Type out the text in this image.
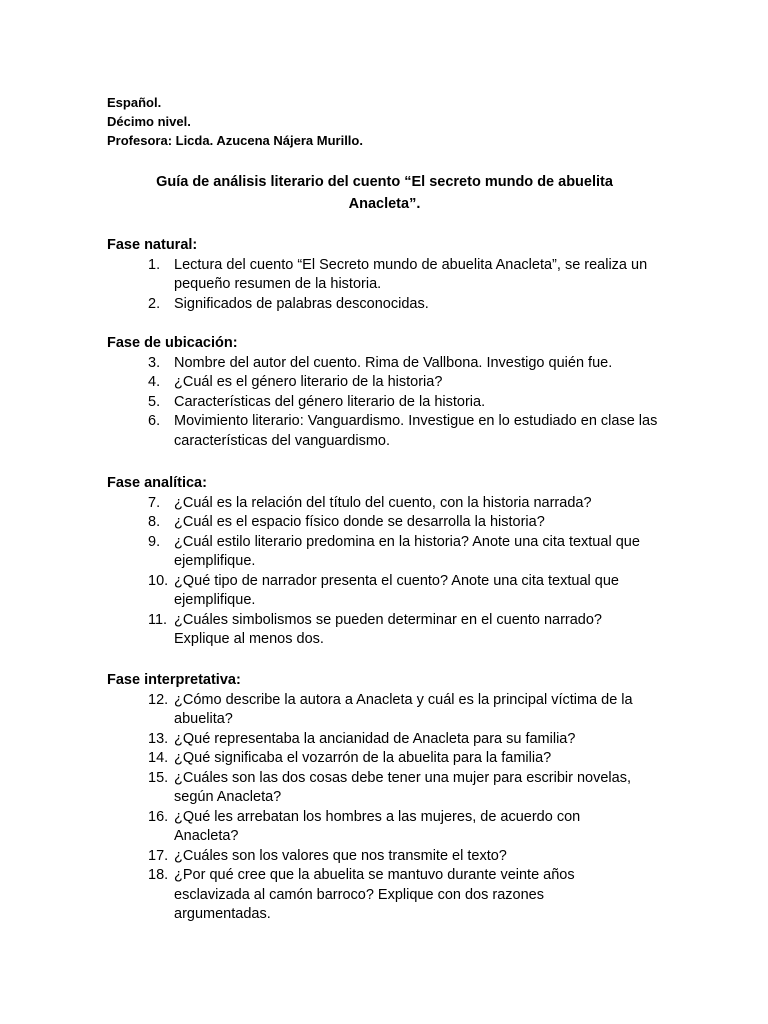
Español.
Décimo nivel.
Profesora: Licda. Azucena Nájera Murillo.
Guía de análisis literario del cuento “El secreto mundo de abuelita
Anacleta”.
Fase natural:
1. Lectura del cuento “El Secreto mundo de abuelita Anacleta”, se realiza un pequeño resumen de la historia.
2. Significados de palabras desconocidas.
Fase de ubicación:
3. Nombre del autor del cuento. Rima de Vallbona. Investigo quién fue.
4. ¿Cuál es el género literario de la historia?
5. Características del género literario de la historia.
6. Movimiento literario: Vanguardismo. Investigue en lo estudiado en clase las características del vanguardismo.
Fase analítica:
7. ¿Cuál es la relación del título del cuento, con la historia narrada?
8. ¿Cuál es el espacio físico donde se desarrolla la historia?
9. ¿Cuál estilo literario predomina en la historia? Anote una cita textual que ejemplifique.
10. ¿Qué tipo de narrador presenta el cuento? Anote una cita textual que ejemplifique.
11. ¿Cuáles simbolismos se pueden determinar en el cuento narrado? Explique al menos dos.
Fase interpretativa:
12. ¿Cómo describe la autora a Anacleta y cuál es la principal víctima de la abuelita?
13. ¿Qué representaba la ancianidad de Anacleta para su familia?
14. ¿Qué significaba el vozarrón de la abuelita para la familia?
15. ¿Cuáles son las dos cosas debe tener una mujer para escribir novelas, según Anacleta?
16. ¿Qué les arrebatan los hombres a las mujeres, de acuerdo con Anacleta?
17. ¿Cuáles son los valores que nos transmite el texto?
18. ¿Por qué cree que la abuelita se mantuvo durante veinte años esclavizada al camón barroco? Explique con dos razones argumentadas.
